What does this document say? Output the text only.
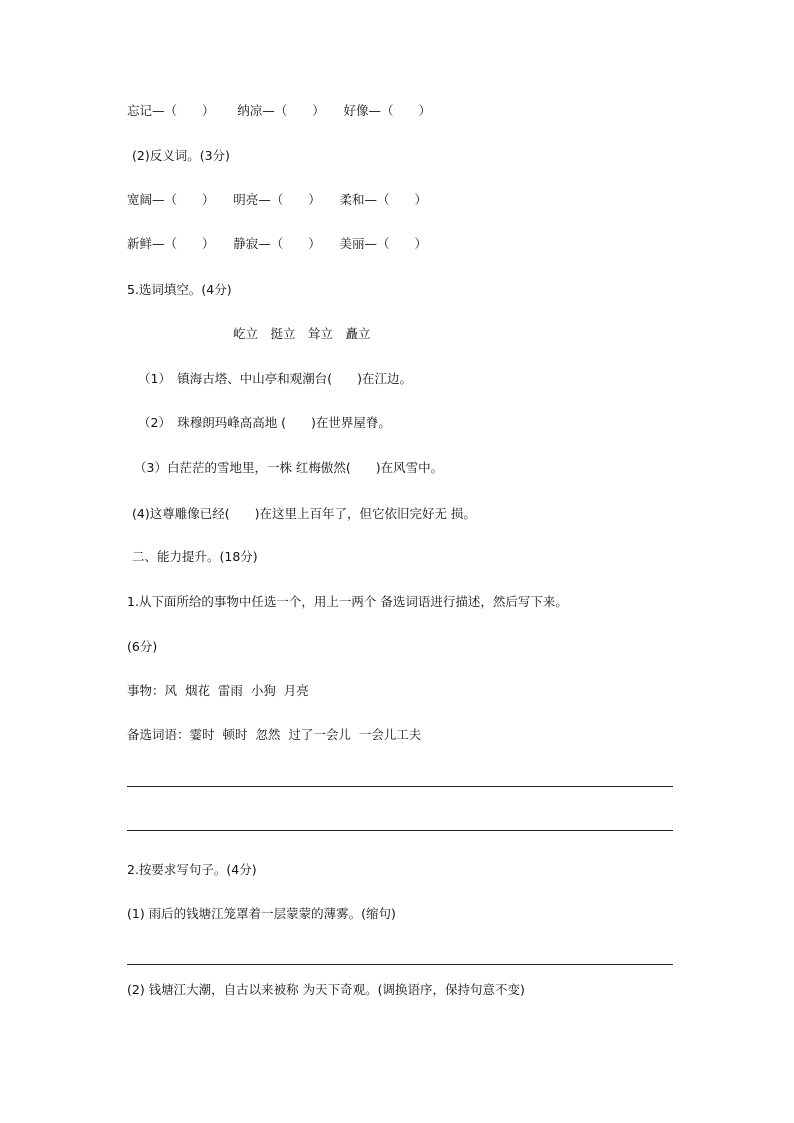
忘记—（　　）　　 纳凉—（　　）　　好像—（　　）
(2)反义词。(3分)
宽阔—（　　）　　明亮—（　　）　　柔和—（　　）
新鲜—（　　）　　静寂—（　　）　　美丽—（　　）
5.选词填空。(4分)
屹立　挺立　耸立　矗立
（1）　镇海古塔、中山亭和观潮台(　　)在江边。
（2）　珠穆朗玛峰高高地 (　　)在世界屋脊。
（3）白茫茫的雪地里，一株 红梅傲然(　　)在风雪中。
(4)这尊雕像已经(　　)在这里上百年了，但它依旧完好无 损。
二、能力提升。(18分)
1.从下面所给的事物中任选一个，用上一两个 备选词语进行描述，然后写下来。
(6分)
事物：风  烟花  雷雨  小狗  月亮
备选词语：霎时  顿时  忽然  过了一会儿  一会儿工夫
2.按要求写句子。(4分)
(1) 雨后的钱塘江笼罩着一层蒙蒙的薄雾。(缩句)
(2) 钱塘江大潮，自古以来被称 为天下奇观。(调换语序，保持句意不变)
